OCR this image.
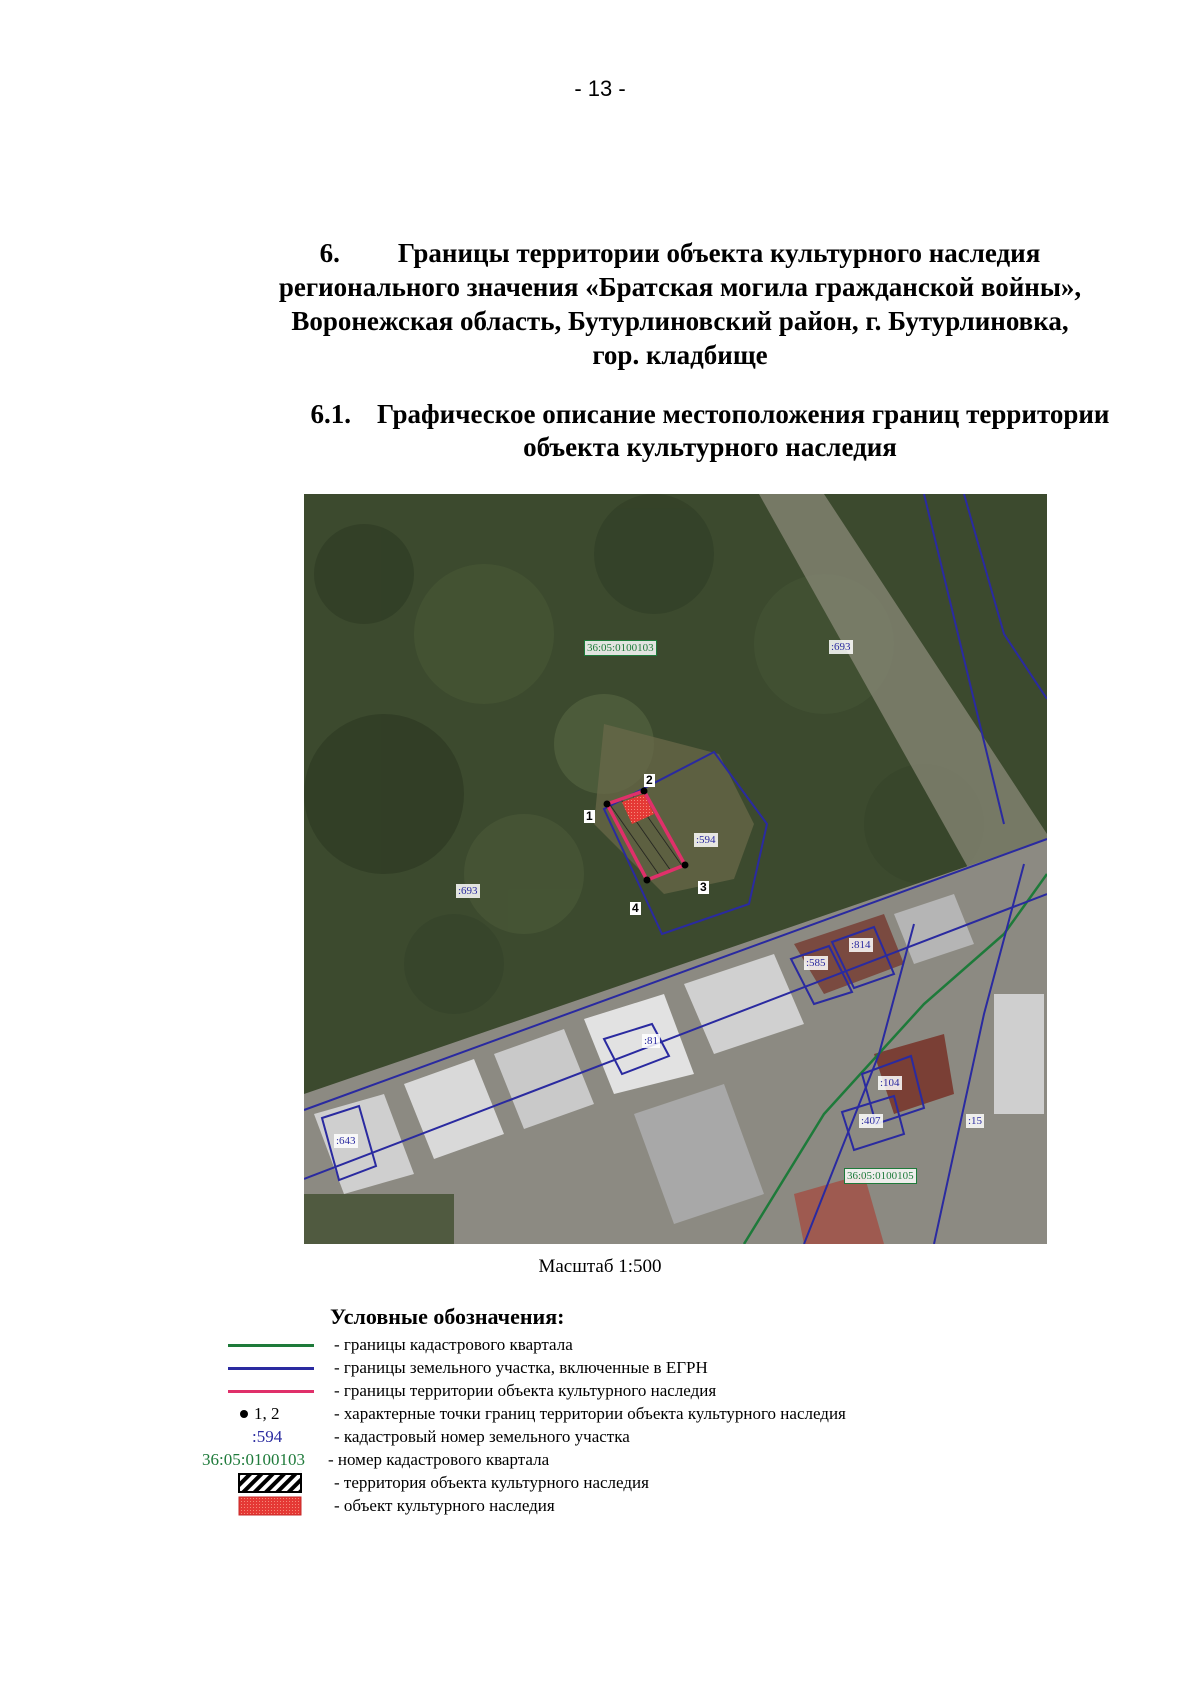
- 13 -
6. Границы территории объекта культурного наследия
регионального значения «Братская могила гражданской войны»,
Воронежская область, Бутурлиновский район, г. Бутурлиновка,
гор. кладбище
6.1. Графическое описание местоположения границ территории
объекта культурного наследия
36:05:0100103
36:05:0100105
:693
:693
:594
:585
:814
:81
:104
:407	:15
:643
1
2
3
4
Масштаб 1:500
Условные обозначения:
- границы кадастрового квартала
- границы земельного участка, включенные в ЕГРН
- границы территории объекта культурного наследия
1, 2	- характерные точки границ территории объекта культурного наследия
:594	- кадастровый номер земельного участка
36:05:0100103 - номер кадастрового квартала
- территория объекта культурного наследия
- объект культурного наследия
